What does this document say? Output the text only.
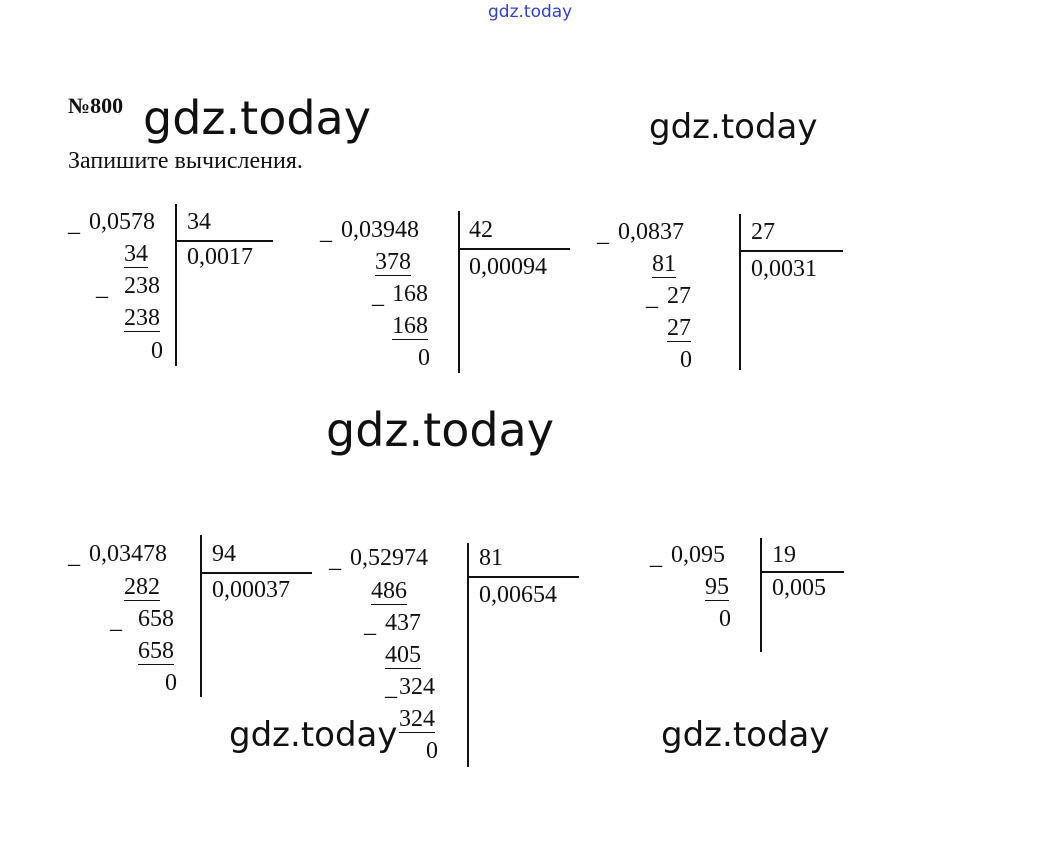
gdz.today
gdz.today	gdz.today
gdz.today
gdz.today	gdz.today
№800
Запишите вычисления.
_ 0,0578 34
0,0017
34
_ 238
238
0
_ 0,03948 42
0,00094
378
_ 168
168
0
_ 0,0837	27
0,0031
81
_ 27
27
0
_ 0,03478 94
0,00037
282
_ 658
658
0
_ 0,52974 81
0,00654
486
_ 437
405
_ 324
324
0
_ 0,095 19
0,005
95
0
